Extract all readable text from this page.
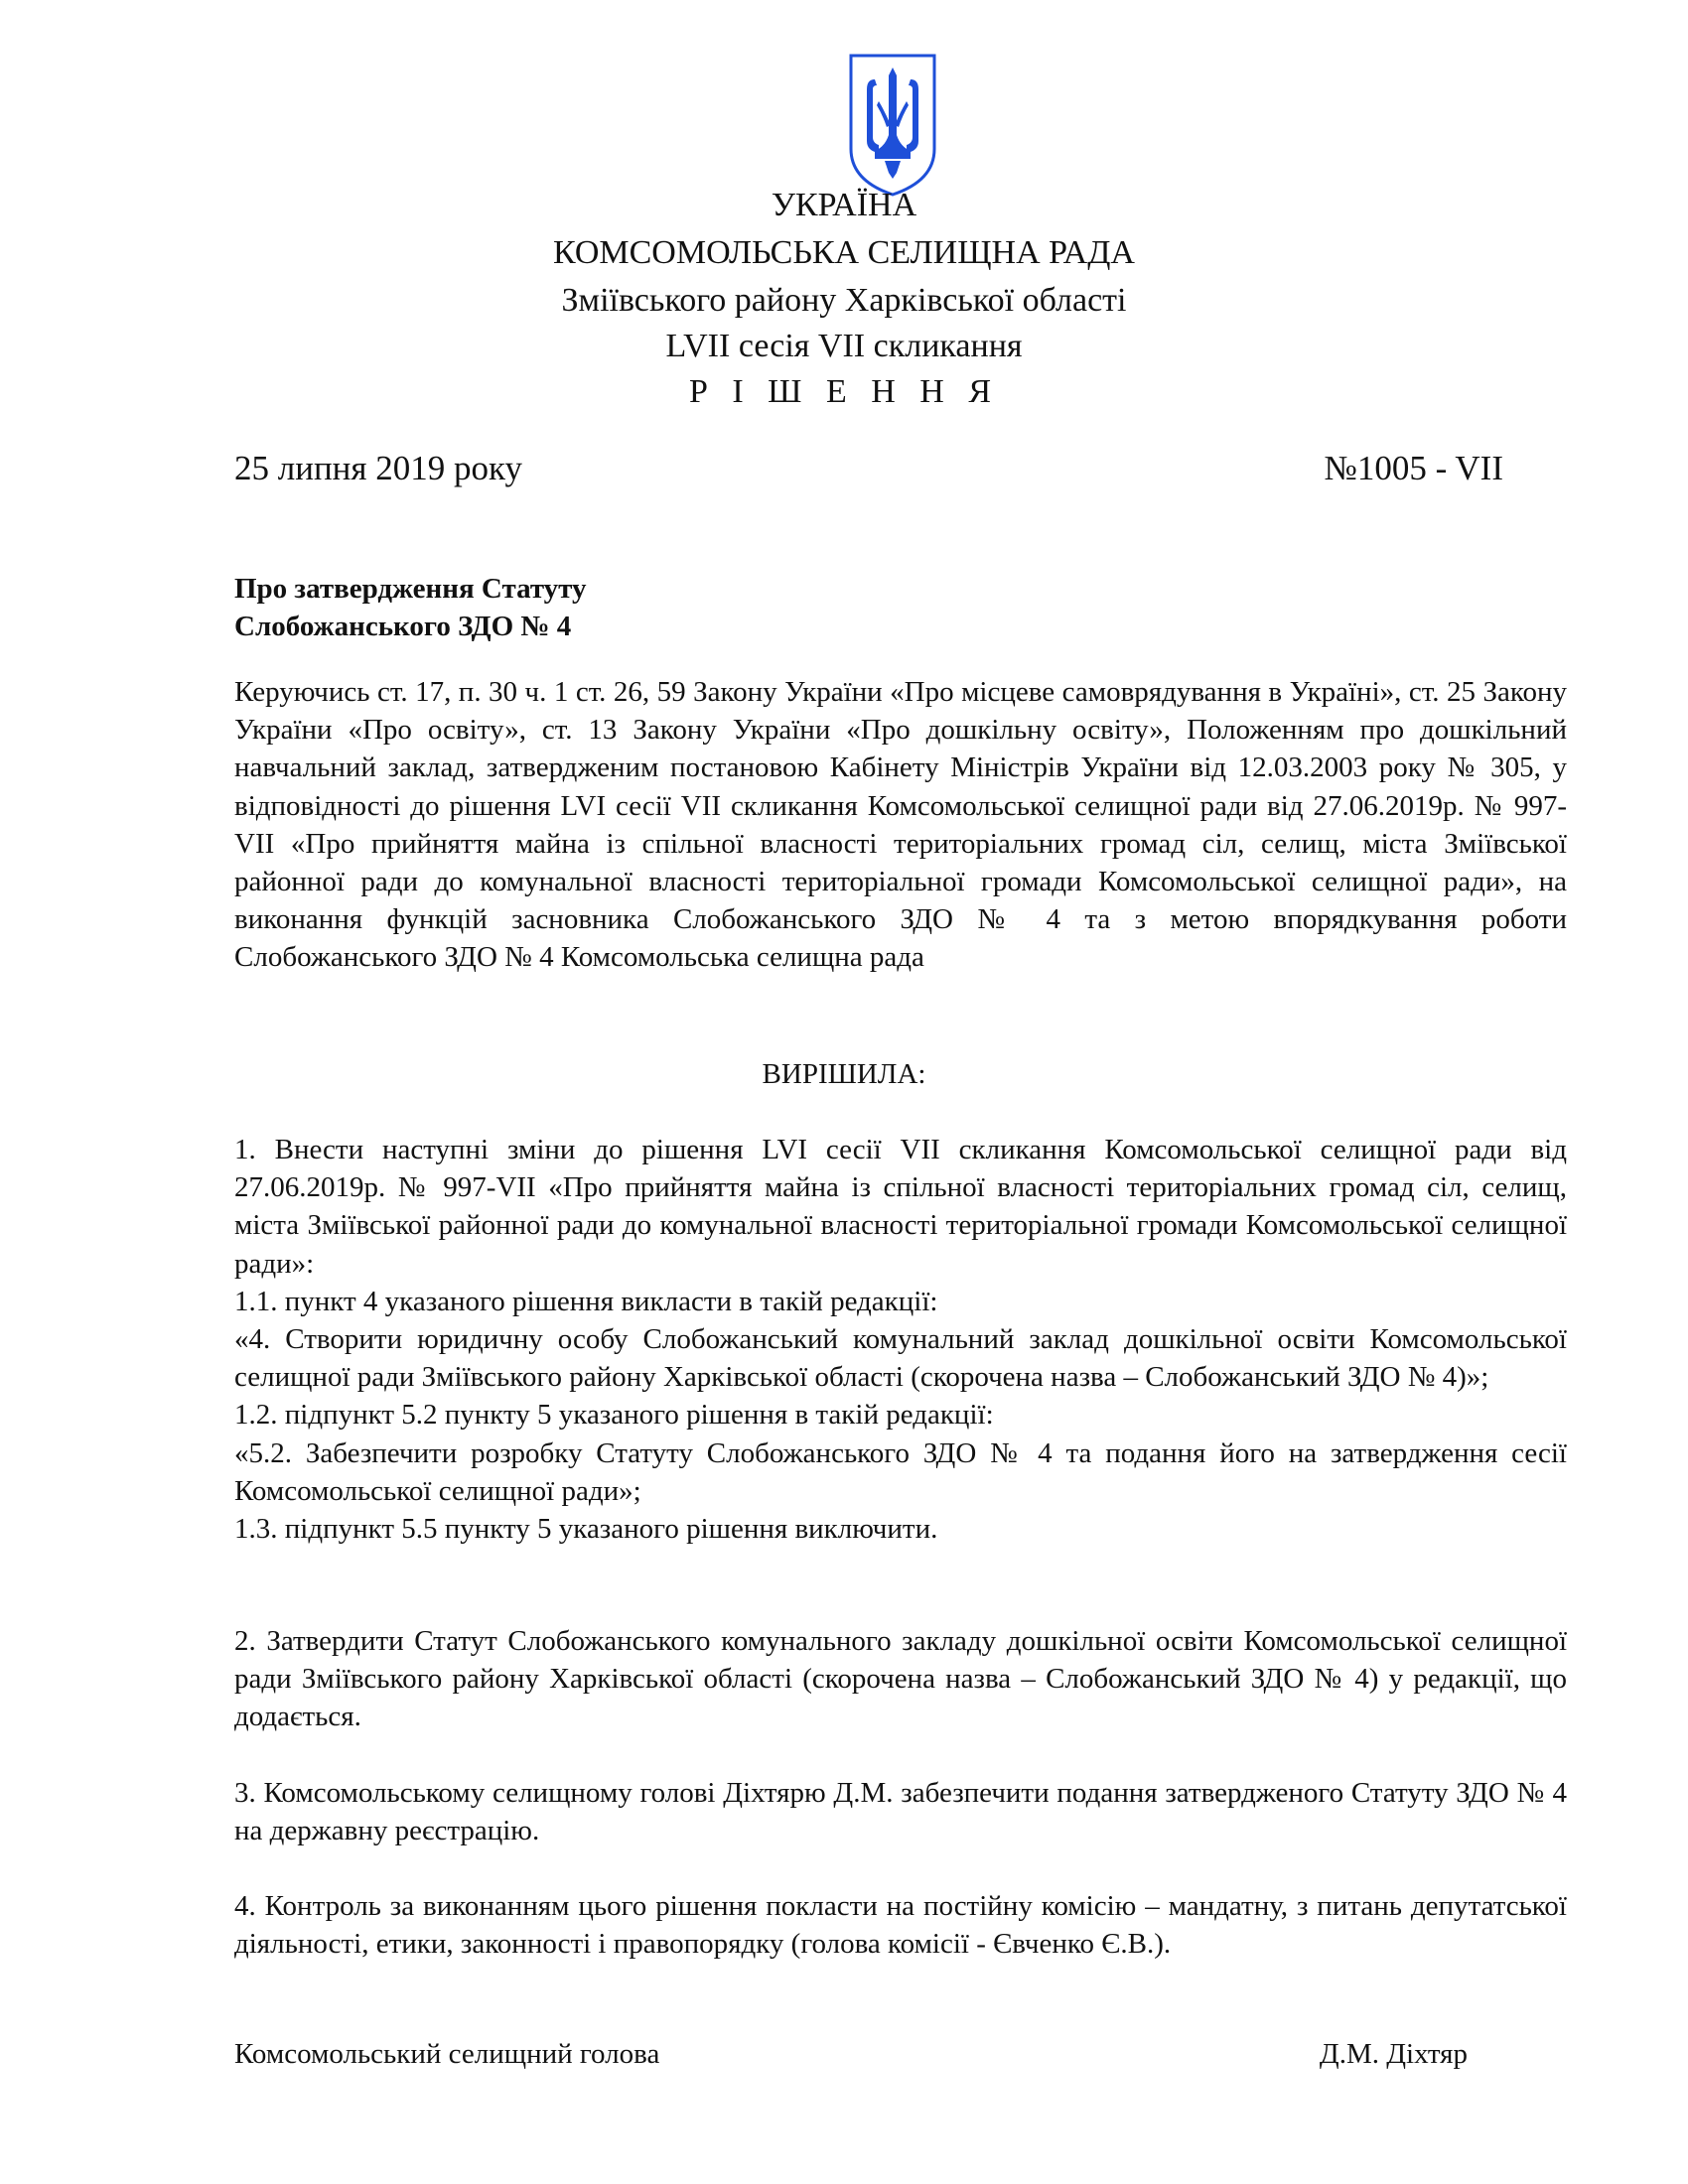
УКРАЇНА
КОМСОМОЛЬСЬКА СЕЛИЩНА РАДА
Зміївського району Харківської області
LVII сесія VII скликання
Р І Ш Е Н Н Я
25 липня 2019 року	№1005 - VII
Про затвердження Статуту
Слобожанського ЗДО № 4
Керуючись ст. 17, п. 30 ч. 1 ст. 26, 59 Закону України «Про місцеве самоврядування в Україні», ст. 25 Закону України «Про освіту», ст. 13 Закону України «Про дошкільну освіту», Положенням про дошкільний навчальний заклад, затвердженим постановою Кабінету Міністрів України від 12.03.2003 року № 305, у відповідності до рішення LVI сесії VII скликання Комсомольської селищної ради від 27.06.2019р. № 997-VII «Про прийняття майна із спільної власності територіальних громад сіл, селищ, міста Зміївської районної ради до комунальної власності територіальної громади Комсомольської селищної ради», на виконання функцій засновника Слобожанського ЗДО № 4 та з метою впорядкування роботи Слобожанського ЗДО № 4 Комсомольська селищна рада
ВИРІШИЛА:

1. Внести наступні зміни до рішення LVI сесії VII скликання Комсомольської селищної ради від 27.06.2019р. № 997-VII «Про прийняття майна із спільної власності територіальних громад сіл, селищ, міста Зміївської районної ради до комунальної власності територіальної громади Комсомольської селищної ради»:

1.1. пункт 4 указаного рішення викласти в такій редакції:

«4. Створити юридичну особу Слобожанський комунальний заклад дошкільної освіти Комсомольської селищної ради Зміївського району Харківської області (скорочена назва – Слобожанський ЗДО № 4)»;

1.2. підпункт 5.2 пункту 5 указаного рішення в такій редакції:

«5.2. Забезпечити розробку Статуту Слобожанського ЗДО № 4 та подання його на затвердження сесії Комсомольської селищної ради»;

1.3. підпункт 5.5 пункту 5 указаного рішення виключити.

2. Затвердити Статут Слобожанського комунального закладу дошкільної освіти Комсомольської селищної ради Зміївського району Харківської області (скорочена назва – Слобожанський ЗДО № 4) у редакції, що додається.
3. Комсомольському селищному голові Діхтярю Д.М. забезпечити подання затвердженого Статуту ЗДО № 4 на державну реєстрацію.
4. Контроль за виконанням цього рішення покласти на постійну комісію – мандатну, з питань депутатської діяльності, етики, законності і правопорядку (голова комісії - Євченко Є.В.).
Комсомольський селищний голова	Д.М. Діхтяр
